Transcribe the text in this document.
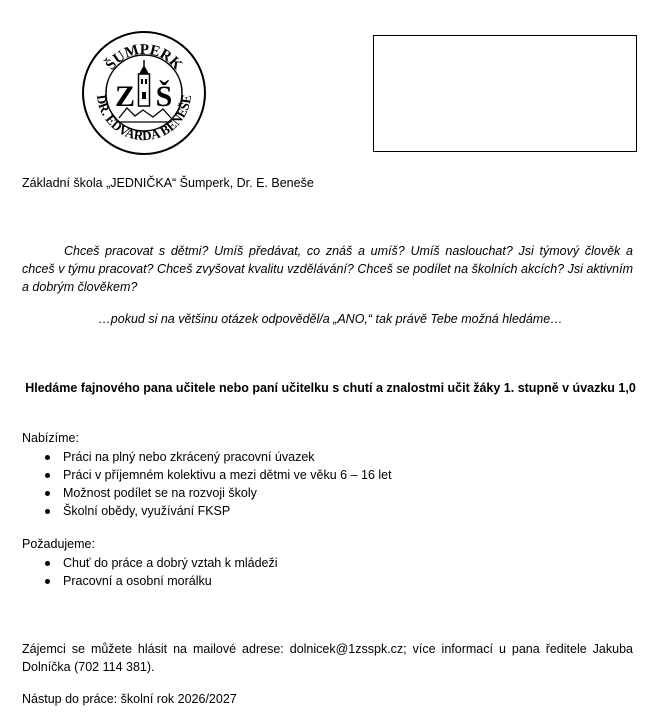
ŠUMPERK
DR. EDVARDA BENEŠE
Z Š
Základní škola „JEDNIČKA“ Šumperk, Dr. E. Beneše
Chceš pracovat s dětmi? Umíš předávat, co znáš a umíš? Umíš naslouchat? Jsi týmový člověk a chceš v týmu pracovat? Chceš zvyšovat kvalitu vzdělávání? Chceš se podílet na školních akcích? Jsi aktivním a dobrým člověkem?
…pokud si na většinu otázek odpověděl/a „ANO,“ tak právě Tebe možná hledáme…
Hledáme fajnového pana učitele nebo paní učitelku s chutí a znalostmi učit žáky 1. stupně v úvazku 1,0
Nabízíme:
Práci na plný nebo zkrácený pracovní úvazek
Práci v příjemném kolektivu a mezi dětmi ve věku 6 – 16 let
Možnost podílet se na rozvoji školy
Školní obědy, využívání FKSP
Požadujeme:
Chuť do práce a dobrý vztah k mládeži
Pracovní a osobní morálku
Zájemci se můžete hlásit na mailové adrese: dolnicek@1zsspk.cz; více informací u pana ředitele Jakuba Dolníčka (702 114 381).
Nástup do práce: školní rok 2026/2027
